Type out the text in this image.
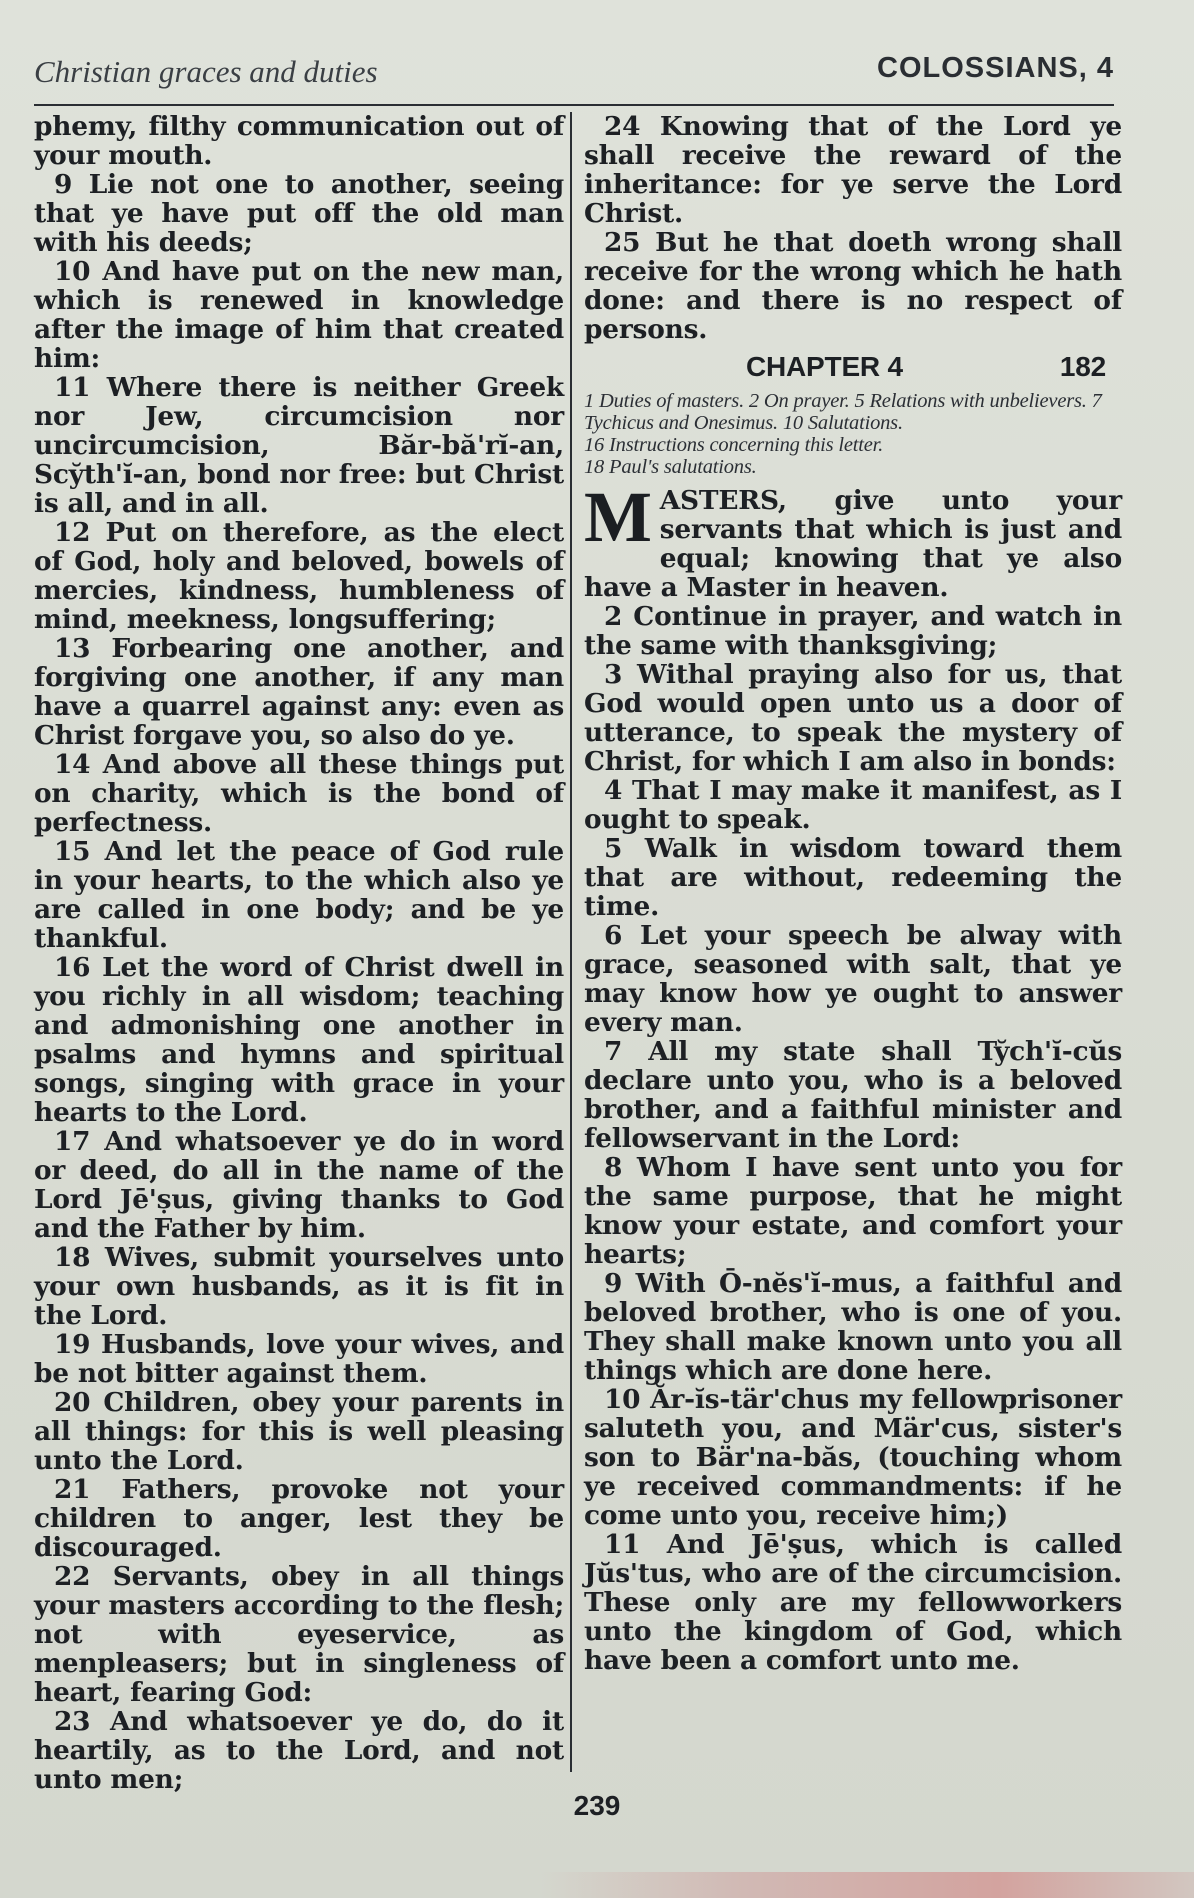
Christian graces and duties	COLOSSIANS, 4

phemy, filthy communication out of your mouth.

9 Lie not one to another, seeing that ye have put off the old man with his deeds;

10 And have put on the new man, which is renewed in knowledge after the image of him that created him:

11 Where there is neither Greek nor Jew, circumcision nor uncircumcision, Băr-bă'rĭ-an, Scy̆th'ĭ-an, bond nor free: but Christ is all, and in all.

12 Put on therefore, as the elect of God, holy and beloved, bowels of mercies, kindness, humbleness of mind, meekness, longsuffering;

13 Forbearing one another, and forgiving one another, if any man have a quarrel against any: even as Christ forgave you, so also do ye.

14 And above all these things put on charity, which is the bond of perfectness.

15 And let the peace of God rule in your hearts, to the which also ye are called in one body; and be ye thankful.

16 Let the word of Christ dwell in you richly in all wisdom; teaching and admonishing one another in psalms and hymns and spiritual songs, singing with grace in your hearts to the Lord.

17 And whatsoever ye do in word or deed, do all in the name of the Lord Jē'ṣus, giving thanks to God and the Father by him.

18 Wives, submit yourselves unto your own husbands, as it is fit in the Lord.

19 Husbands, love your wives, and be not bitter against them.

20 Children, obey your parents in all things: for this is well pleasing unto the Lord.

21 Fathers, provoke not your children to anger, lest they be discouraged.

22 Servants, obey in all things your masters according to the flesh; not with eyeservice, as menpleasers; but in singleness of heart, fearing God:

23 And whatsoever ye do, do it heartily, as to the Lord, and not unto men;

24 Knowing that of the Lord ye shall receive the reward of the inheritance: for ye serve the Lord Christ.

25 But he that doeth wrong shall receive for the wrong which he hath done: and there is no respect of persons.

CHAPTER 4	182

1 Duties of masters. 2 On prayer. 5 Relations with unbelievers. 7 Tychicus and Onesimus. 10 Salutations.

16 Instructions concerning this letter.

18 Paul's salutations.

M ASTERS, give unto your servants that which is just and equal; knowing that ye also have a Master in heaven.

2 Continue in prayer, and watch in the same with thanksgiving;

3 Withal praying also for us, that God would open unto us a door of utterance, to speak the mystery of Christ, for which I am also in bonds:

4 That I may make it manifest, as I ought to speak.

5 Walk in wisdom toward them that are without, redeeming the time.

6 Let your speech be alway with grace, seasoned with salt, that ye may know how ye ought to answer every man.

7 All my state shall Ty̆ch'ĭ-cŭs declare unto you, who is a beloved brother, and a faithful minister and fellowservant in the Lord:

8 Whom I have sent unto you for the same purpose, that he might know your estate, and comfort your hearts;

9 With Ō-nĕs'ĭ-mus, a faithful and beloved brother, who is one of you. They shall make known unto you all things which are done here.

10 Ăr-ĭs-tär'chus my fellowprisoner saluteth you, and Mär'cus, sister's son to Bär'na-băs, (touching whom ye received commandments: if he come unto you, receive him;)

11 And Jē'ṣus, which is called Jŭs'tus, who are of the circumcision. These only are my fellowworkers unto the kingdom of God, which have been a comfort unto me.

239
